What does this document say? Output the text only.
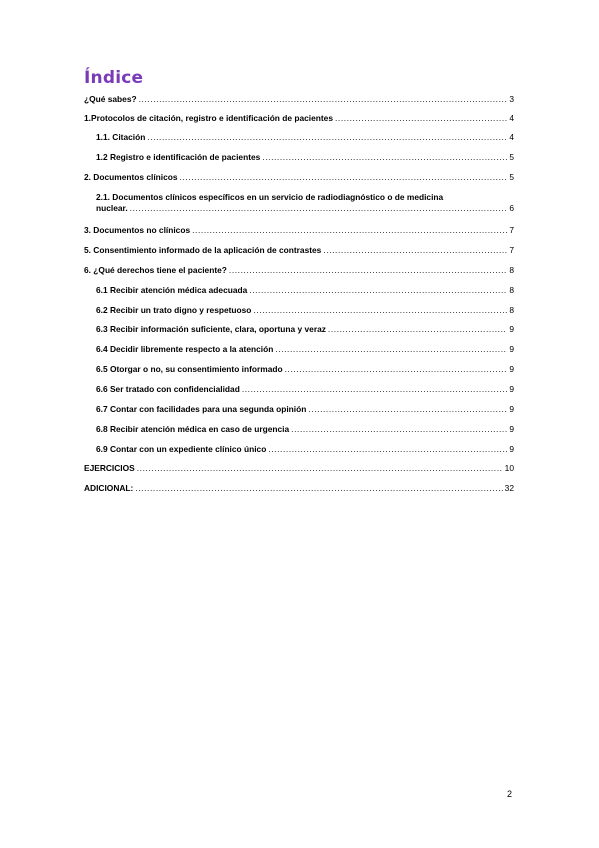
Índice
¿Qué sabes? .....	3
1.Protocolos de citación, registro e identificación de pacientes .....	4
1.1. Citación .....	4
1.2 Registro e identificación de pacientes .....	5
2. Documentos clínicos .....	5
2.1. Documentos clínicos específicos en un servicio de radiodiagnóstico o de medicina
nuclear. .....	6
3. Documentos no clínicos .....	7
5. Consentimiento informado de la aplicación de contrastes .....	7
6. ¿Qué derechos tiene el paciente? .....	8
6.1 Recibir atención médica adecuada .....	8
6.2 Recibir un trato digno y respetuoso .....	8
6.3 Recibir información suficiente, clara, oportuna y veraz .....	9
6.4 Decidir libremente respecto a la atención .....	9
6.5 Otorgar o no, su consentimiento informado .....	9
6.6 Ser tratado con confidencialidad .....	9
6.7 Contar con facilidades para una segunda opinión .....	9
6.8 Recibir atención médica en caso de urgencia .....	9
6.9 Contar con un expediente clínico único .....	9
EJERCICIOS .....	10
ADICIONAL: .....	32
2
